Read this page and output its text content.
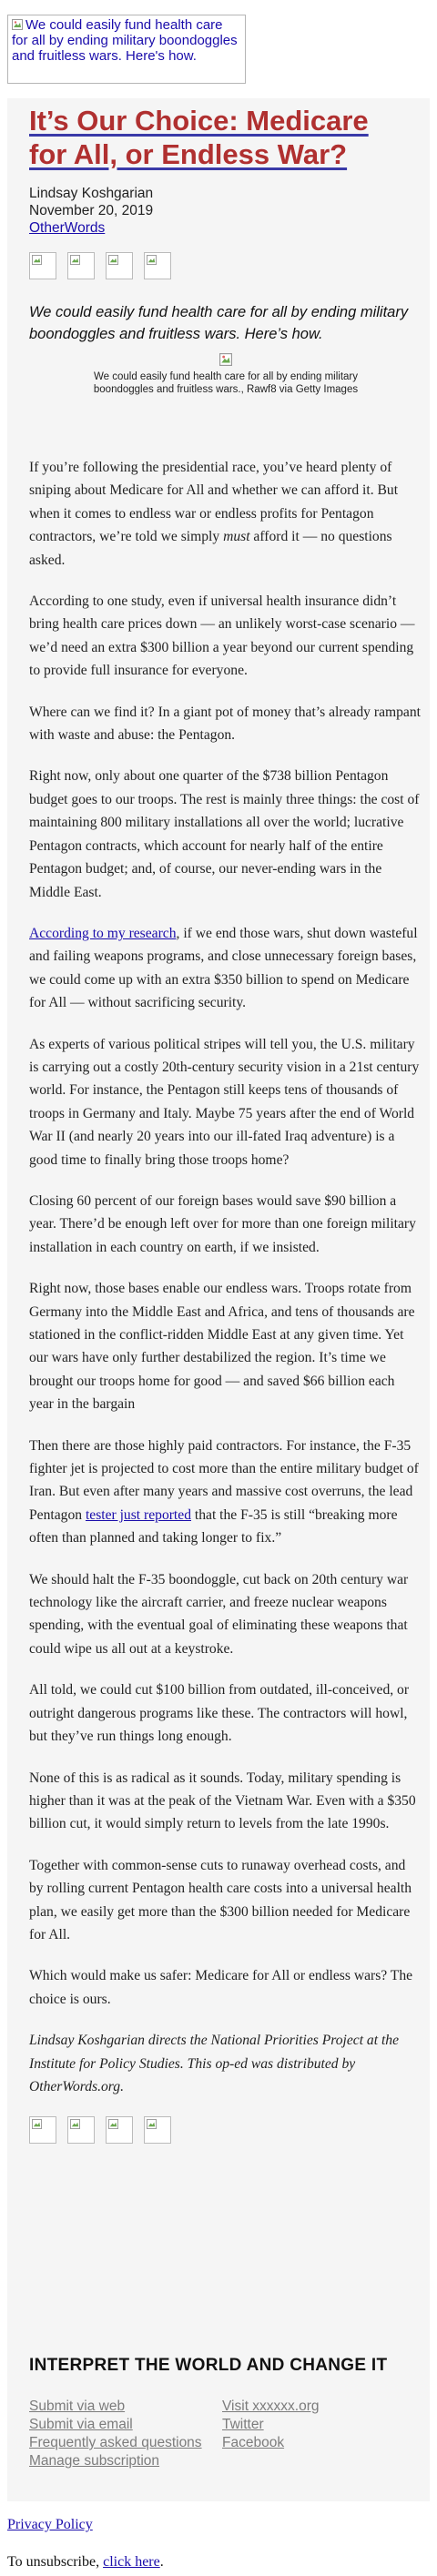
We could easily fund health care for all by ending military boondoggles and fruitless wars. Here's how.
It’s Our Choice: Medicare for All, or Endless War?
Lindsay Koshgarian
November 20, 2019
OtherWords
We could easily fund health care for all by ending military boondoggles and fruitless wars. Here’s how.
We could easily fund health care for all by ending military boondoggles and fruitless wars., Rawf8 via Getty Images

If you’re following the presidential race, you’ve heard plenty of sniping about Medicare for All and whether we can afford it. But when it comes to endless war or endless profits for Pentagon contractors, we’re told we simply must afford it — no questions asked.

According to one study, even if universal health insurance didn’t bring health care prices down — an unlikely worst-case scenario — we’d need an extra $300 billion a year beyond our current spending to provide full insurance for everyone.

Where can we find it? In a giant pot of money that’s already rampant with waste and abuse: the Pentagon.

Right now, only about one quarter of the $738 billion Pentagon budget goes to our troops. The rest is mainly three things: the cost of maintaining 800 military installations all over the world; lucrative Pentagon contracts, which account for nearly half of the entire Pentagon budget; and, of course, our never-ending wars in the Middle East.

According to my research, if we end those wars, shut down wasteful and failing weapons programs, and close unnecessary foreign bases, we could come up with an extra $350 billion to spend on Medicare for All — without sacrificing security.

As experts of various political stripes will tell you, the U.S. military is carrying out a costly 20th-century security vision in a 21st century world. For instance, the Pentagon still keeps tens of thousands of troops in Germany and Italy. Maybe 75 years after the end of World War II (and nearly 20 years into our ill-fated Iraq adventure) is a good time to finally bring those troops home?

Closing 60 percent of our foreign bases would save $90 billion a year. There’d be enough left over for more than one foreign military installation in each country on earth, if we insisted.

Right now, those bases enable our endless wars. Troops rotate from Germany into the Middle East and Africa, and tens of thousands are stationed in the conflict-ridden Middle East at any given time. Yet our wars have only further destabilized the region. It’s time we brought our troops home for good — and saved $66 billion each year in the bargain

Then there are those highly paid contractors. For instance, the F-35 fighter jet is projected to cost more than the entire military budget of Iran. But even after many years and massive cost overruns, the lead Pentagon tester just reported that the F-35 is still “breaking more often than planned and taking longer to fix.”

We should halt the F-35 boondoggle, cut back on 20th century war technology like the aircraft carrier, and freeze nuclear weapons spending, with the eventual goal of eliminating these weapons that could wipe us all out at a keystroke.

All told, we could cut $100 billion from outdated, ill-conceived, or outright dangerous programs like these. The contractors will howl, but they’ve run things long enough.

None of this is as radical as it sounds. Today, military spending is higher than it was at the peak of the Vietnam War. Even with a $350 billion cut, it would simply return to levels from the late 1990s.

Together with common-sense cuts to runaway overhead costs, and by rolling current Pentagon health care costs into a universal health plan, we easily get more than the $300 billion needed for Medicare for All.

Which would make us safer: Medicare for All or endless wars? The choice is ours.

Lindsay Koshgarian directs the National Priorities Project at the Institute for Policy Studies. This op-ed was distributed by OtherWords.org.

INTERPRET THE WORLD AND CHANGE IT
Submit via web
Submit via email
Frequently asked questions
Manage subscription
Visit xxxxxx.org
Twitter
Facebook
Privacy Policy
To unsubscribe, click here.
